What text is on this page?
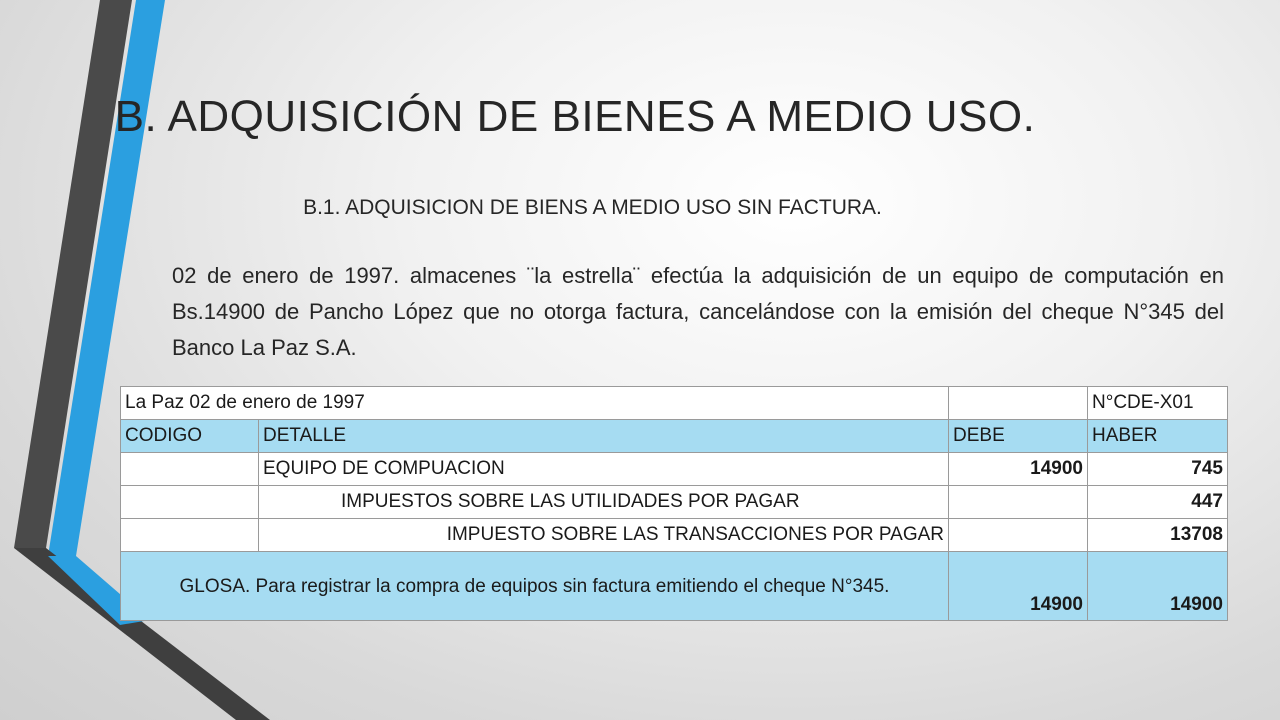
B. ADQUISICIÓN DE BIENES A MEDIO USO.
B.1. ADQUISICION DE BIENS A MEDIO USO SIN FACTURA.
02 de enero de 1997. almacenes ¨la estrella¨ efectúa la adquisición de un equipo de computación en Bs.14900 de Pancho López que no otorga factura, cancelándose con la emisión del cheque N°345 del Banco La Paz S.A.
La Paz 02 de enero de 1997			N°CDE-X01
CODIGO	DETALLE	DEBE	HABER
	EQUIPO DE COMPUACION	14900	745
	IMPUESTOS SOBRE LAS UTILIDADES POR PAGAR		447
	IMPUESTO SOBRE LAS TRANSACCIONES POR PAGAR		13708
GLOSA. Para registrar la compra de equipos sin factura emitiendo el cheque N°345.		14900	14900
